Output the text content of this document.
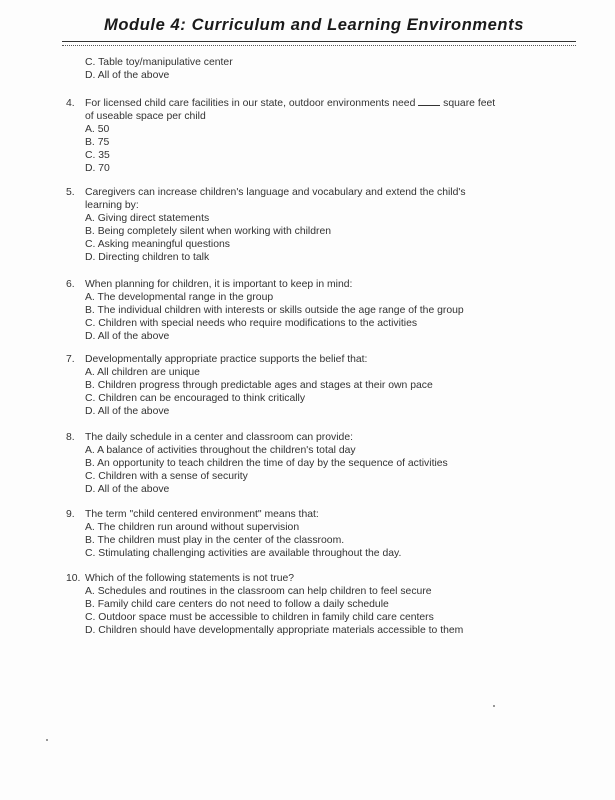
Module 4: Curriculum and Learning Environments
C. Table toy/manipulative center
D. All of the above
4. For licensed child care facilities in our state, outdoor environments need	square feet
of useable space per child
A. 50
B. 75
C. 35
D. 70
5. Caregivers can increase children's language and vocabulary and extend the child's
learning by:
A. Giving direct statements
B. Being completely silent when working with children
C. Asking meaningful questions
D. Directing children to talk
6. When planning for children, it is important to keep in mind:
A. The developmental range in the group
B. The individual children with interests or skills outside the age range of the group
C. Children with special needs who require modifications to the activities
D. All of the above
7. Developmentally appropriate practice supports the belief that:
A. All children are unique
B. Children progress through predictable ages and stages at their own pace
C. Children can be encouraged to think critically
D. All of the above
8. The daily schedule in a center and classroom can provide:
A. A balance of activities throughout the children's total day
B. An opportunity to teach children the time of day by the sequence of activities
C. Children with a sense of security
D. All of the above
9. The term "child centered environment" means that:
A. The children run around without supervision
B. The children must play in the center of the classroom.
C. Stimulating challenging activities are available throughout the day.
10. Which of the following statements is not true?
A. Schedules and routines in the classroom can help children to feel secure
B. Family child care centers do not need to follow a daily schedule
C. Outdoor space must be accessible to children in family child care centers
D. Children should have developmentally appropriate materials accessible to them
